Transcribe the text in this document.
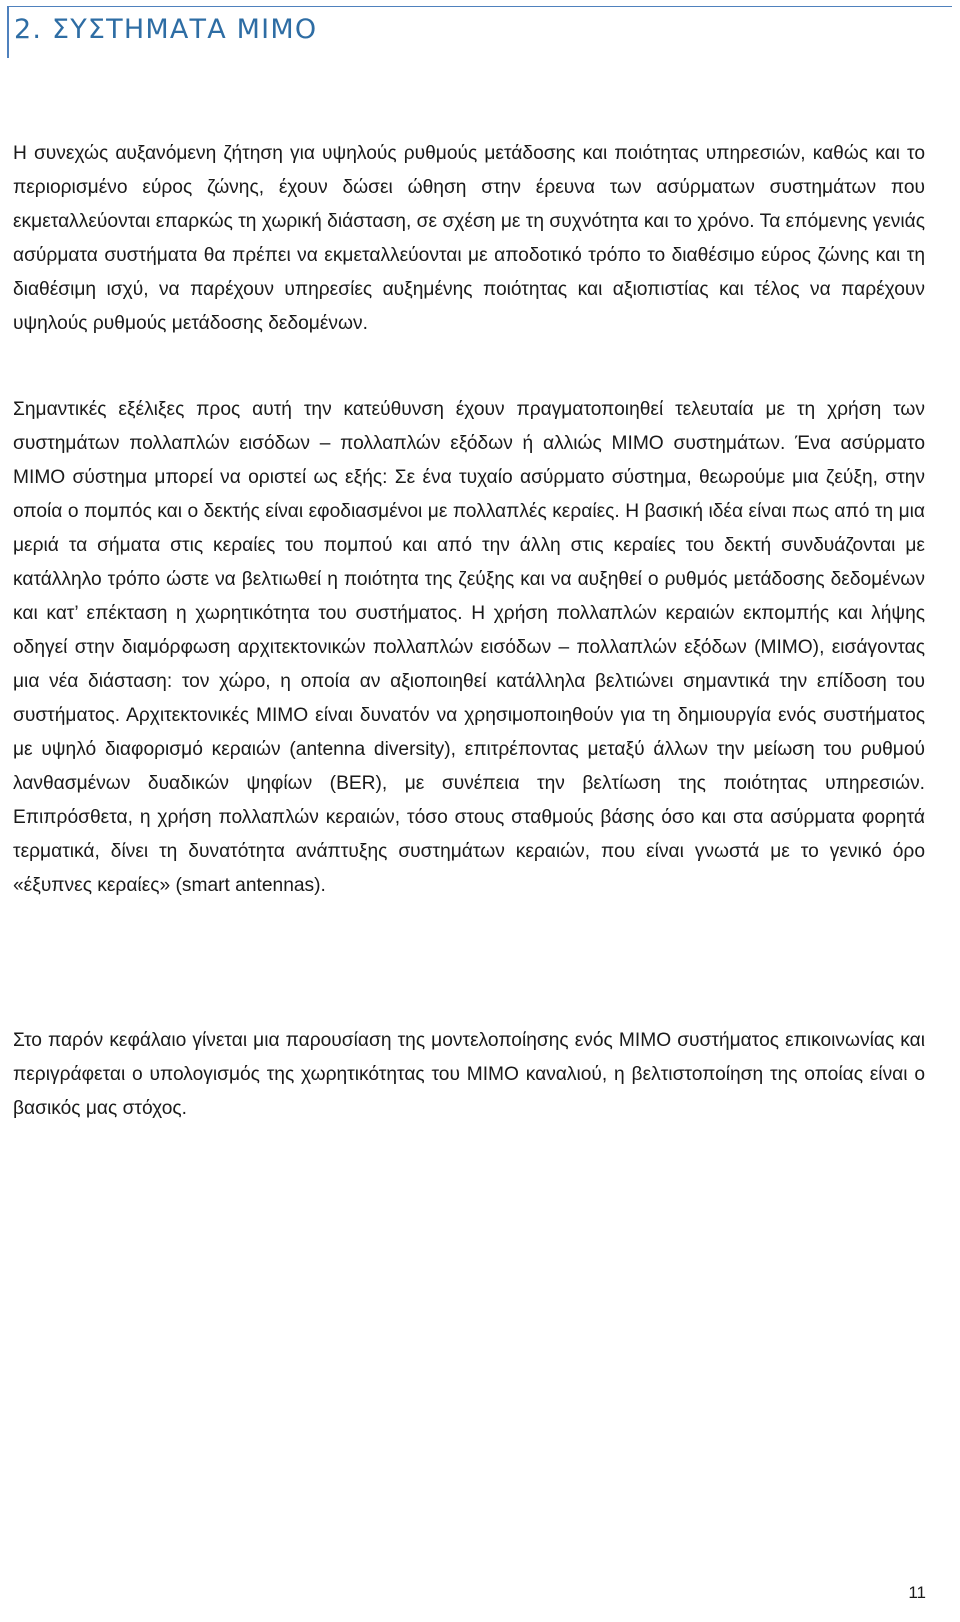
2. ΣΥΣΤΗΜΑΤΑ MIMO

Η συνεχώς αυξανόμενη ζήτηση για υψηλούς ρυθμούς μετάδοσης και ποιότητας υπηρεσιών, καθώς και το περιορισμένο εύρος ζώνης, έχουν δώσει ώθηση στην έρευνα των ασύρματων συστημάτων που εκμεταλλεύονται επαρκώς τη χωρική διάσταση, σε σχέση με τη συχνότητα και το χρόνο. Τα επόμενης γενιάς ασύρματα συστήματα θα πρέπει να εκμεταλλεύονται με αποδοτικό τρόπο το διαθέσιμο εύρος ζώνης και τη διαθέσιμη ισχύ, να παρέχουν υπηρεσίες αυξημένης ποιότητας και αξιοπιστίας και τέλος να παρέχουν υψηλούς ρυθμούς μετάδοσης δεδομένων.

Σημαντικές εξέλιξες προς αυτή την κατεύθυνση έχουν πραγματοποιηθεί τελευταία με τη χρήση των συστημάτων πολλαπλών εισόδων – πολλαπλών εξόδων ή αλλιώς MIMO συστημάτων. Ένα ασύρματο MIMO σύστημα μπορεί να οριστεί ως εξής: Σε ένα τυχαίο ασύρματο σύστημα, θεωρούμε μια ζεύξη, στην οποία ο πομπός και ο δεκτής είναι εφοδιασμένοι με πολλαπλές κεραίες. Η βασική ιδέα είναι πως από τη μια μεριά τα σήματα στις κεραίες του πομπού και από την άλλη στις κεραίες του δεκτή συνδυάζονται με κατάλληλο τρόπο ώστε να βελτιωθεί η ποιότητα της ζεύξης και να αυξηθεί ο ρυθμός μετάδοσης δεδομένων και κατ’ επέκταση η χωρητικότητα του συστήματος. Η χρήση πολλαπλών κεραιών εκπομπής και λήψης οδηγεί στην διαμόρφωση αρχιτεκτονικών πολλαπλών εισόδων – πολλαπλών εξόδων (MIMO), εισάγοντας μια νέα διάσταση: τον χώρο, η οποία αν αξιοποιηθεί κατάλληλα βελτιώνει σημαντικά την επίδοση του συστήματος. Αρχιτεκτονικές MIMO είναι δυνατόν να χρησιμοποιηθούν για τη δημιουργία ενός συστήματος με υψηλό διαφορισμό κεραιών (antenna diversity), επιτρέποντας μεταξύ άλλων την μείωση του ρυθμού λανθασμένων δυαδικών ψηφίων (BER), με συνέπεια την βελτίωση της ποιότητας υπηρεσιών. Επιπρόσθετα, η χρήση πολλαπλών κεραιών, τόσο στους σταθμούς βάσης όσο και στα ασύρματα φορητά τερματικά, δίνει τη δυνατότητα ανάπτυξης συστημάτων κεραιών, που είναι γνωστά με το γενικό όρο «έξυπνες κεραίες» (smart antennas).

Στο παρόν κεφάλαιο γίνεται μια παρουσίαση της μοντελοποίησης ενός MIMO συστήματος επικοινωνίας και περιγράφεται ο υπολογισμός της χωρητικότητας του MIMO καναλιού, η βελτιστοποίηση της οποίας είναι ο βασικός μας στόχος.

11
